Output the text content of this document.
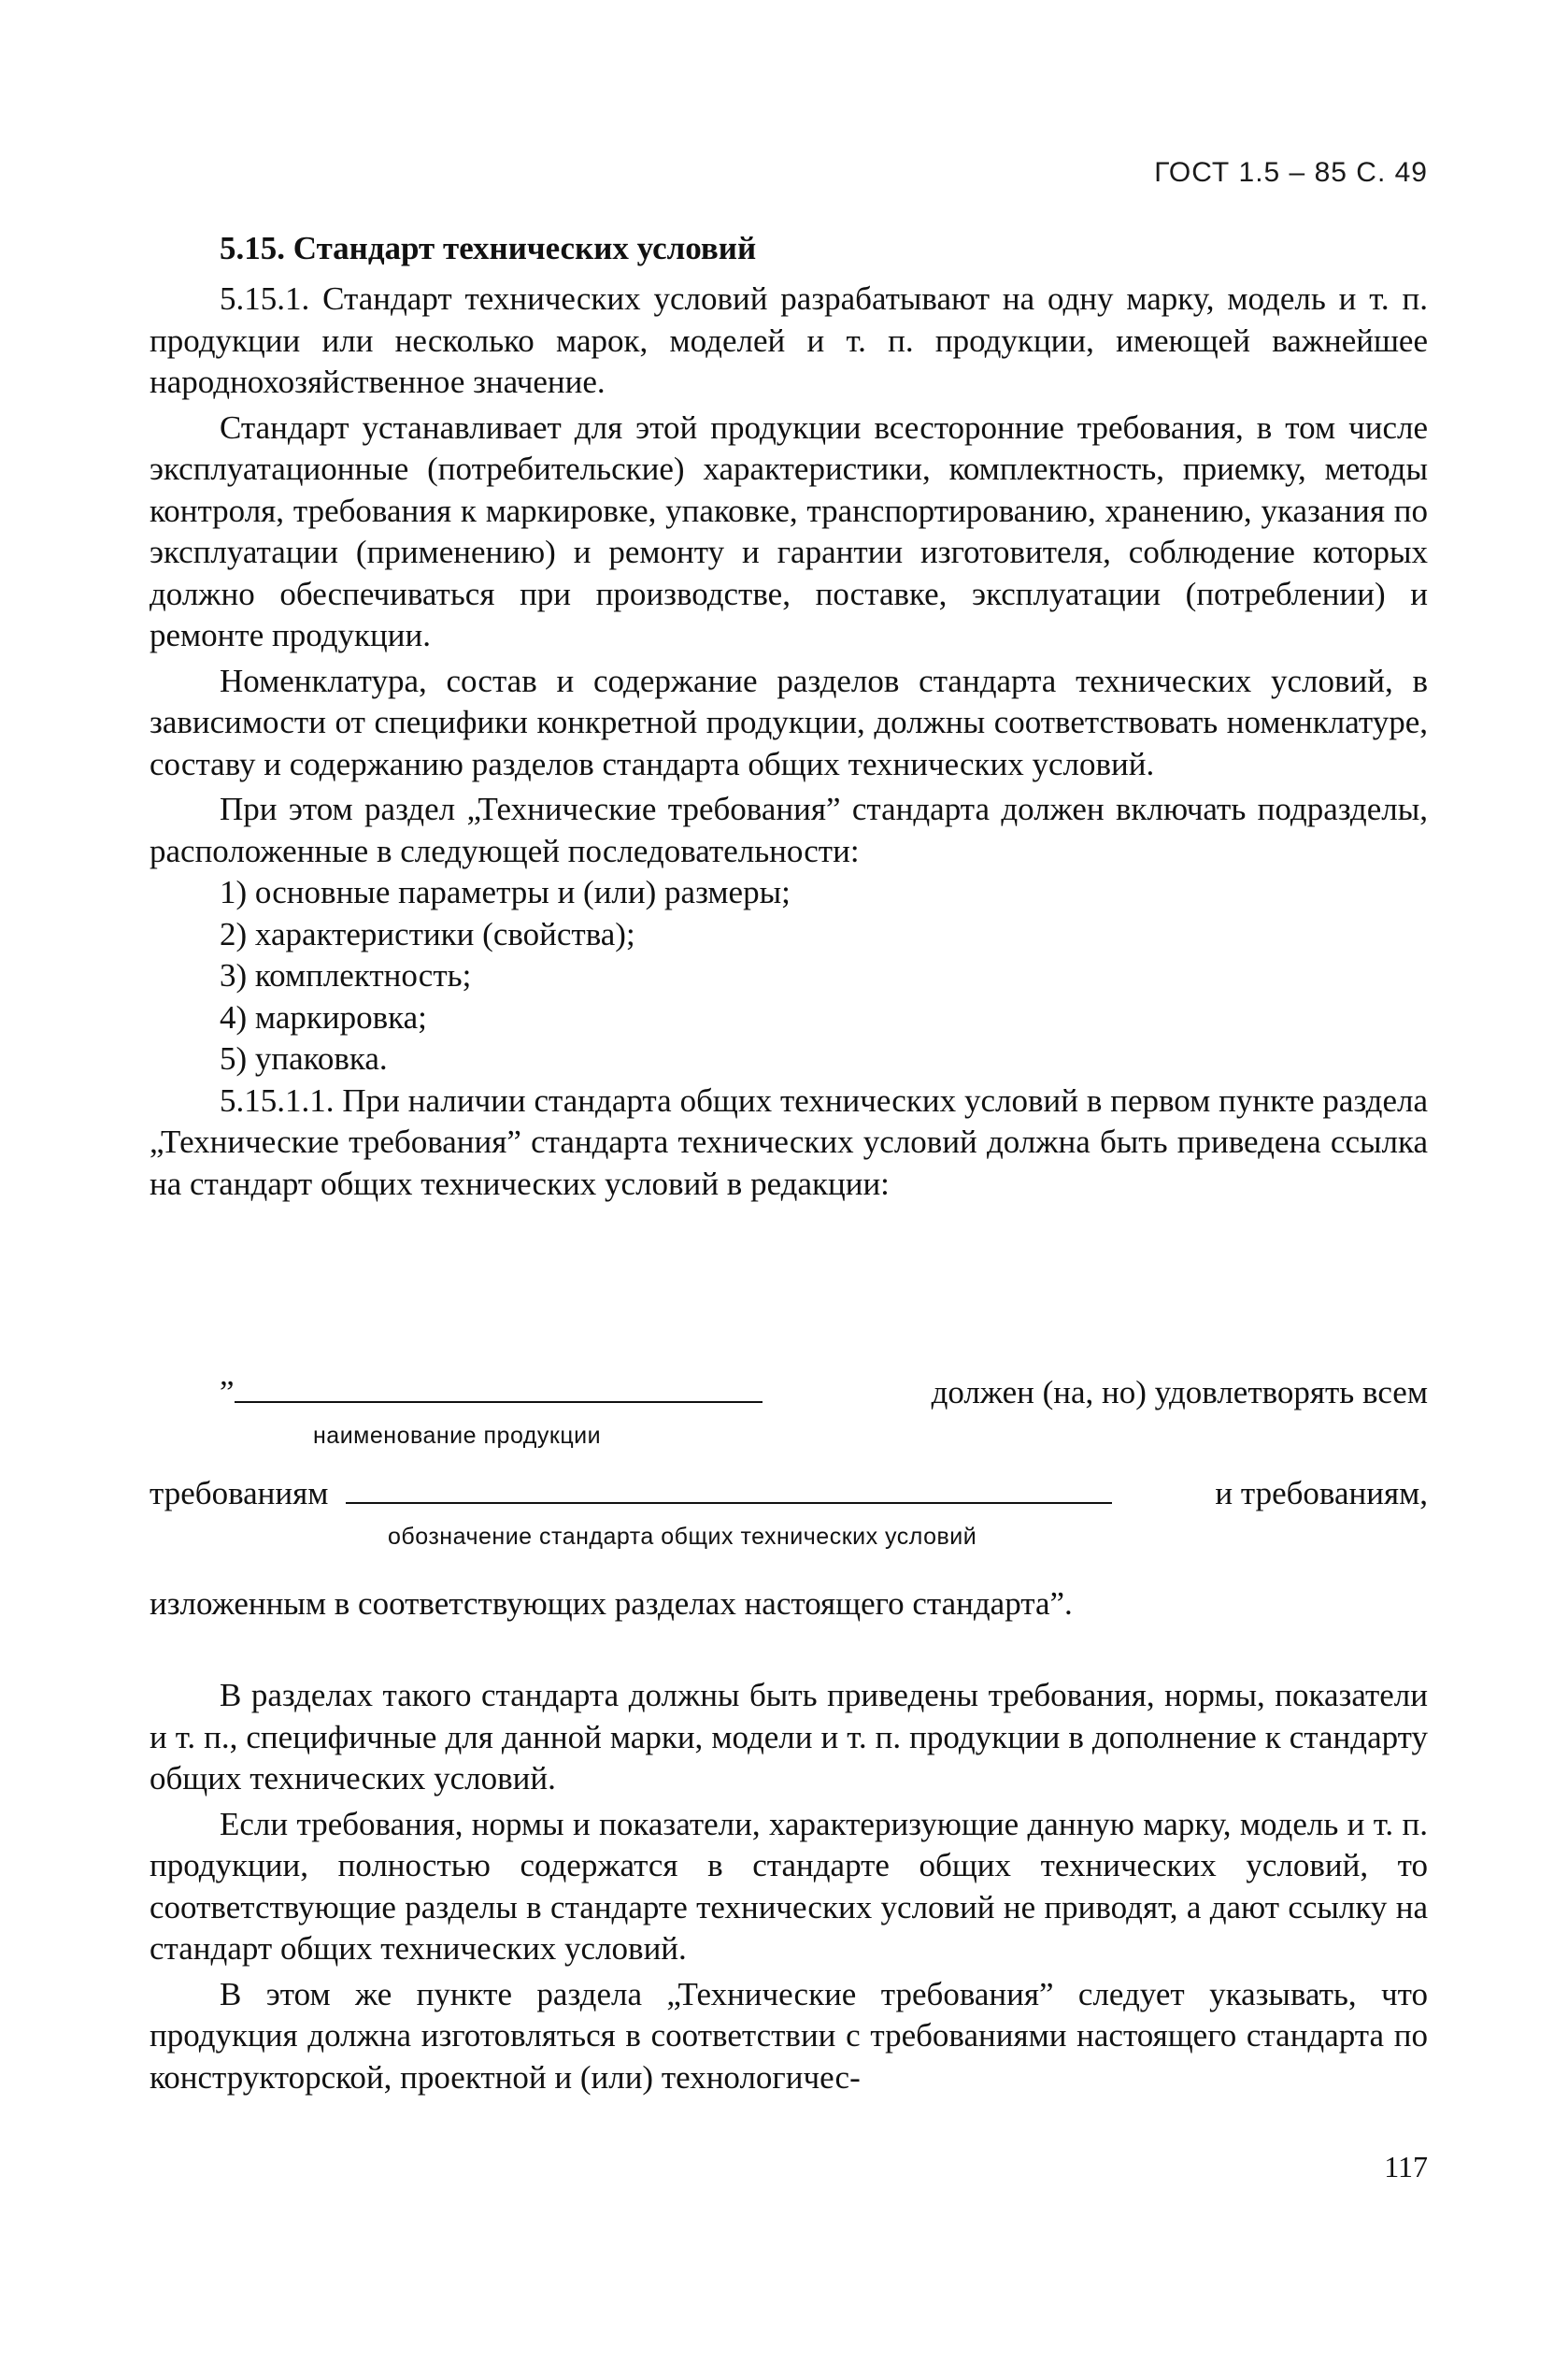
ГОСТ 1.5 – 85 С. 49
5.15. Стандарт технических условий

5.15.1. Стандарт технических условий разрабатывают на одну марку, модель и т. п. продукции или несколько марок, моделей и т. п. продукции, имеющей важнейшее народнохозяйственное значение.

Стандарт устанавливает для этой продукции всесторонние требования, в том числе эксплуатационные (потребительские) характеристики, комплектность, приемку, методы контроля, требования к маркировке, упаковке, транспортированию, хранению, указания по эксплуатации (применению) и ремонту и гарантии изготовителя, соблюдение которых должно обеспечиваться при производстве, поставке, эксплуатации (потреблении) и ремонте продукции.

Номенклатура, состав и содержание разделов стандарта технических условий, в зависимости от специфики конкретной продукции, должны соответствовать номенклатуре, составу и содержанию разделов стандарта общих технических условий.

При этом раздел „Технические требования” стандарта должен включать подразделы, расположенные в следующей последовательности:

1) основные параметры и (или) размеры;
2) характеристики (свойства);
3) комплектность;
4) маркировка;
5) упаковка.

5.15.1.1. При наличии стандарта общих технических условий в первом пункте раздела „Технические требования” стандарта технических условий должна быть приведена ссылка на стандарт общих технических условий в редакции:

”	должен (на, но) удовлетворять всем
наименование продукции
требованиям	и требованиям,
обозначение стандарта общих технических условий
изложенным в соответствующих разделах настоящего стандарта”.

В разделах такого стандарта должны быть приведены требования, нормы, показатели и т. п., специфичные для данной марки, модели и т. п. продукции в дополнение к стандарту общих технических условий.

Если требования, нормы и показатели, характеризующие данную марку, модель и т. п. продукции, полностью содержатся в стандарте общих технических условий, то соответствующие разделы в стандарте технических условий не приводят, а дают ссылку на стандарт общих технических условий.

В этом же пункте раздела „Технические требования” следует указывать, что продукция должна изготовляться в соответствии с требованиями настоящего стандарта по конструкторской, проектной и (или) технологичес-

117
